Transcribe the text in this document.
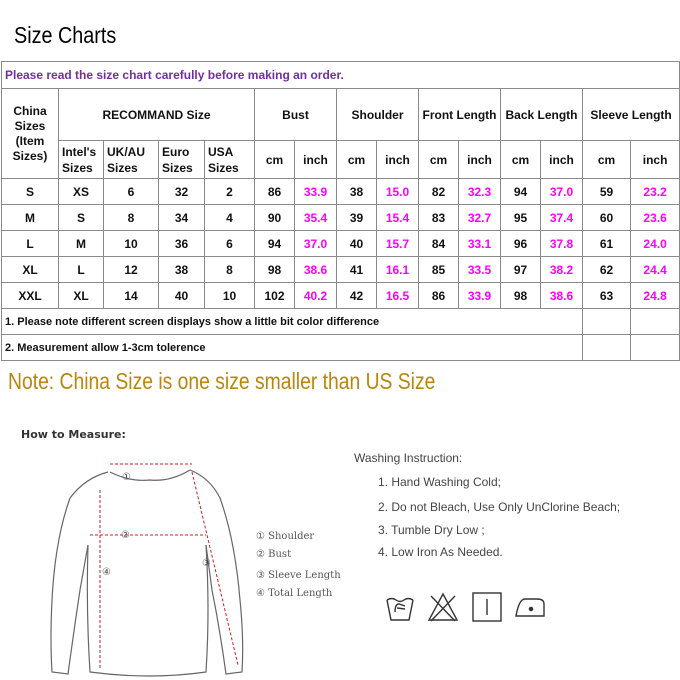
Size Charts
Please read the size chart carefully before making an order.														
China Sizes (Item Sizes)	RECOMMAND Size				Bust		Shoulder		Front Length		Back Length		Sleeve Length	
	Intel's Sizes	UK/AU Sizes	Euro Sizes	USA Sizes	cm	inch	cm	inch	cm	inch	cm	inch	cm	inch
S	XS	6	32	2	86	33.9	38	15.0	82	32.3	94	37.0	59	23.2
M	S	8	34	4	90	35.4	39	15.4	83	32.7	95	37.4	60	23.6
L	M	10	36	6	94	37.0	40	15.7	84	33.1	96	37.8	61	24.0
XL	L	12	38	8	98	38.6	41	16.1	85	33.5	97	38.2	62	24.4
XXL	XL	14	40	10	102	40.2	42	16.5	86	33.9	98	38.6	63	24.8
1. Please note different screen displays show a little bit color difference														
2. Measurement allow 1-3cm tolerence														
Note: China Size is one size smaller than US Size
How to Measure:
①
②
③
④
① Shoulder
② Bust
③ Sleeve Length
④ Total Length
Washing Instruction:
1. Hand Washing Cold;
2. Do not Bleach, Use Only UnClorine Beach;
3. Tumble Dry Low ;
4. Low Iron As Needed.
